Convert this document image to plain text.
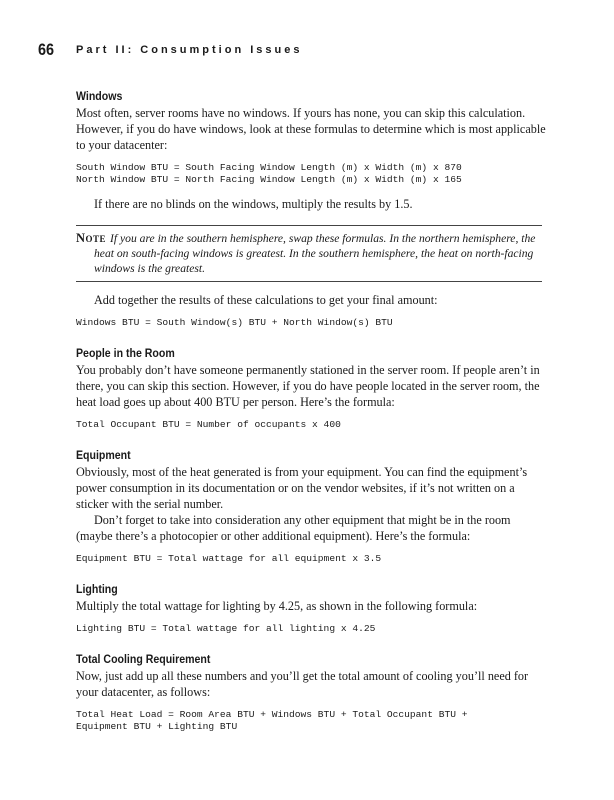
66 Part II: Consumption Issues
Windows

Most often, server rooms have no windows. If yours has none, you can skip this calculation. However, if you do have windows, look at these formulas to determine which is most applicable to your datacenter:

South Window BTU = South Facing Window Length (m) x Width (m) x 870
North Window BTU = North Facing Window Length (m) x Width (m) x 165

If there are no blinds on the windows, multiply the results by 1.5.

Note If you are in the southern hemisphere, swap these formulas. In the northern hemisphere, the heat on south-facing windows is greatest. In the southern hemisphere, the heat on north-facing windows is the greatest.

Add together the results of these calculations to get your final amount:

Windows BTU = South Window(s) BTU + North Window(s) BTU
People in the Room

You probably don’t have someone permanently stationed in the server room. If people aren’t in there, you can skip this section. However, if you do have people located in the server room, the heat load goes up about 400 BTU per person. Here’s the formula:

Total Occupant BTU = Number of occupants x 400
Equipment

Obviously, most of the heat generated is from your equipment. You can find the equipment’s power consumption in its documentation or on the vendor websites, if it’s not written on a sticker with the serial number.

Don’t forget to take into consideration any other equipment that might be in the room (maybe there’s a photocopier or other additional equipment). Here’s the formula:

Equipment BTU = Total wattage for all equipment x 3.5
Lighting

Multiply the total wattage for lighting by 4.25, as shown in the following formula:

Lighting BTU = Total wattage for all lighting x 4.25
Total Cooling Requirement

Now, just add up all these numbers and you’ll get the total amount of cooling you’ll need for your datacenter, as follows:

Total Heat Load = Room Area BTU + Windows BTU + Total Occupant BTU +
Equipment BTU + Lighting BTU
